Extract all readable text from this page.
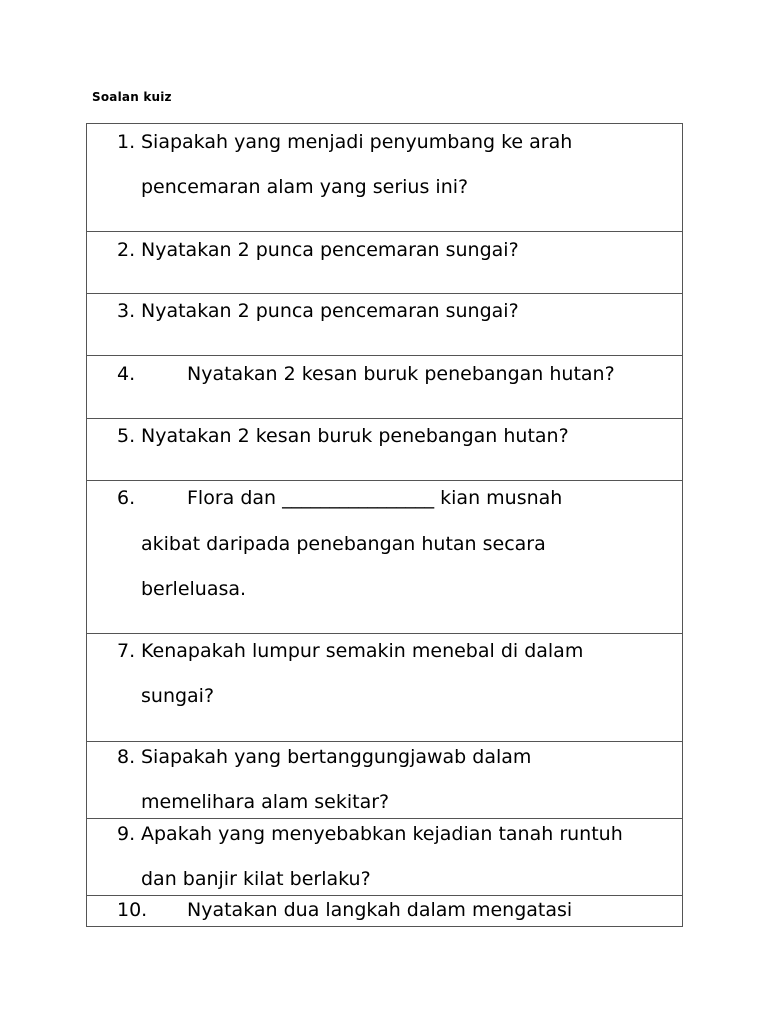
Soalan kuiz
1. Siapakah yang menjadi penyumbang ke arah
pencemaran alam yang serius ini?

2. Nyatakan 2 punca pencemaran sungai?

3. Nyatakan 2 punca pencemaran sungai?

4.	Nyatakan 2 kesan buruk penebangan hutan?

5. Nyatakan 2 kesan buruk penebangan hutan?

6.	Flora dan ________________ kian musnah
akibat daripada penebangan hutan secara
berleluasa.

7. Kenapakah lumpur semakin menebal di dalam
sungai?

8. Siapakah yang bertanggungjawab dalam
memelihara alam sekitar?

9. Apakah yang menyebabkan kejadian tanah runtuh
dan banjir kilat berlaku?

10. Nyatakan dua langkah dalam mengatasi
